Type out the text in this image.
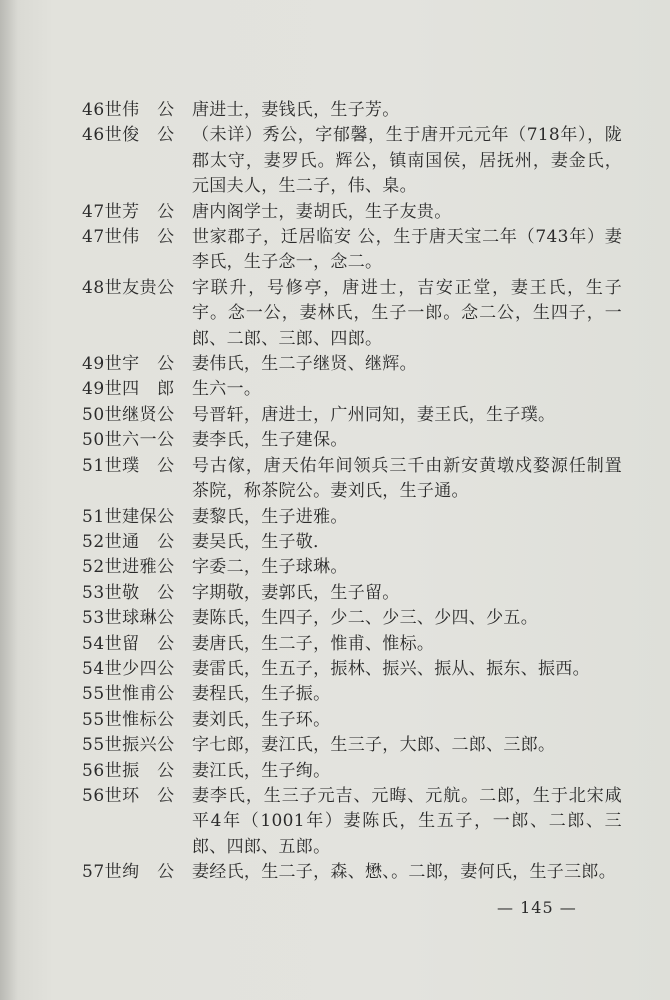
46世伟　公	唐进士，妻钱氏，生子芳。
46世俊　公	（未详）秀公，字郁馨，生于唐开元元年（718年），陇郡太守，妻罗氏。辉公，镇南国侯，居抚州，妻金氏，元国夫人，生二子，伟、臬。
47世芳　公	唐内阁学士，妻胡氏，生子友贵。
47世伟　公	世家郡子，迁居临安 公，生于唐天宝二年（743年）妻李氏，生子念一，念二。
48世友贵公	字联升，号修亭，唐进士，吉安正堂，妻王氏，生子宇。念一公，妻林氏，生子一郎。念二公，生四子，一郎、二郎、三郎、四郎。
49世宇　公	妻伟氏，生二子继贤、继辉。
49世四　郎	生六一。
50世继贤公	号晋轩，唐进士，广州同知，妻王氏，生子璞。
50世六一公	妻李氏，生子建保。
51世璞　公	号古傢，唐天佑年间领兵三千由新安黄墩戍婺源任制置茶院，称茶院公。妻刘氏，生子通。
51世建保公	妻黎氏，生子进雅。
52世通　公	妻吴氏，生子敬．
52世进雅公	字委二，生子球琳。
53世敬　公	字期敬，妻郭氏，生子留。
53世球琳公	妻陈氏，生四子，少二、少三、少四、少五。
54世留　公	妻唐氏，生二子，惟甫、惟标。
54世少四公	妻雷氏，生五子，振林、振兴、振从、振东、振西。
55世惟甫公	妻程氏，生子振。
55世惟标公	妻刘氏，生子环。
55世振兴公	字七郎，妻江氏，生三子，大郎、二郎、三郎。
56世振　公	妻江氏，生子绚。
56世环　公	妻李氏，生三子元吉、元晦、元航。二郎，生于北宋咸平4年（1001年）妻陈氏，生五子，一郎、二郎、三郎、四郎、五郎。
57世绚　公	妻经氏，生二子，森、懋、。二郎，妻何氏，生子三郎。
— 145 —
